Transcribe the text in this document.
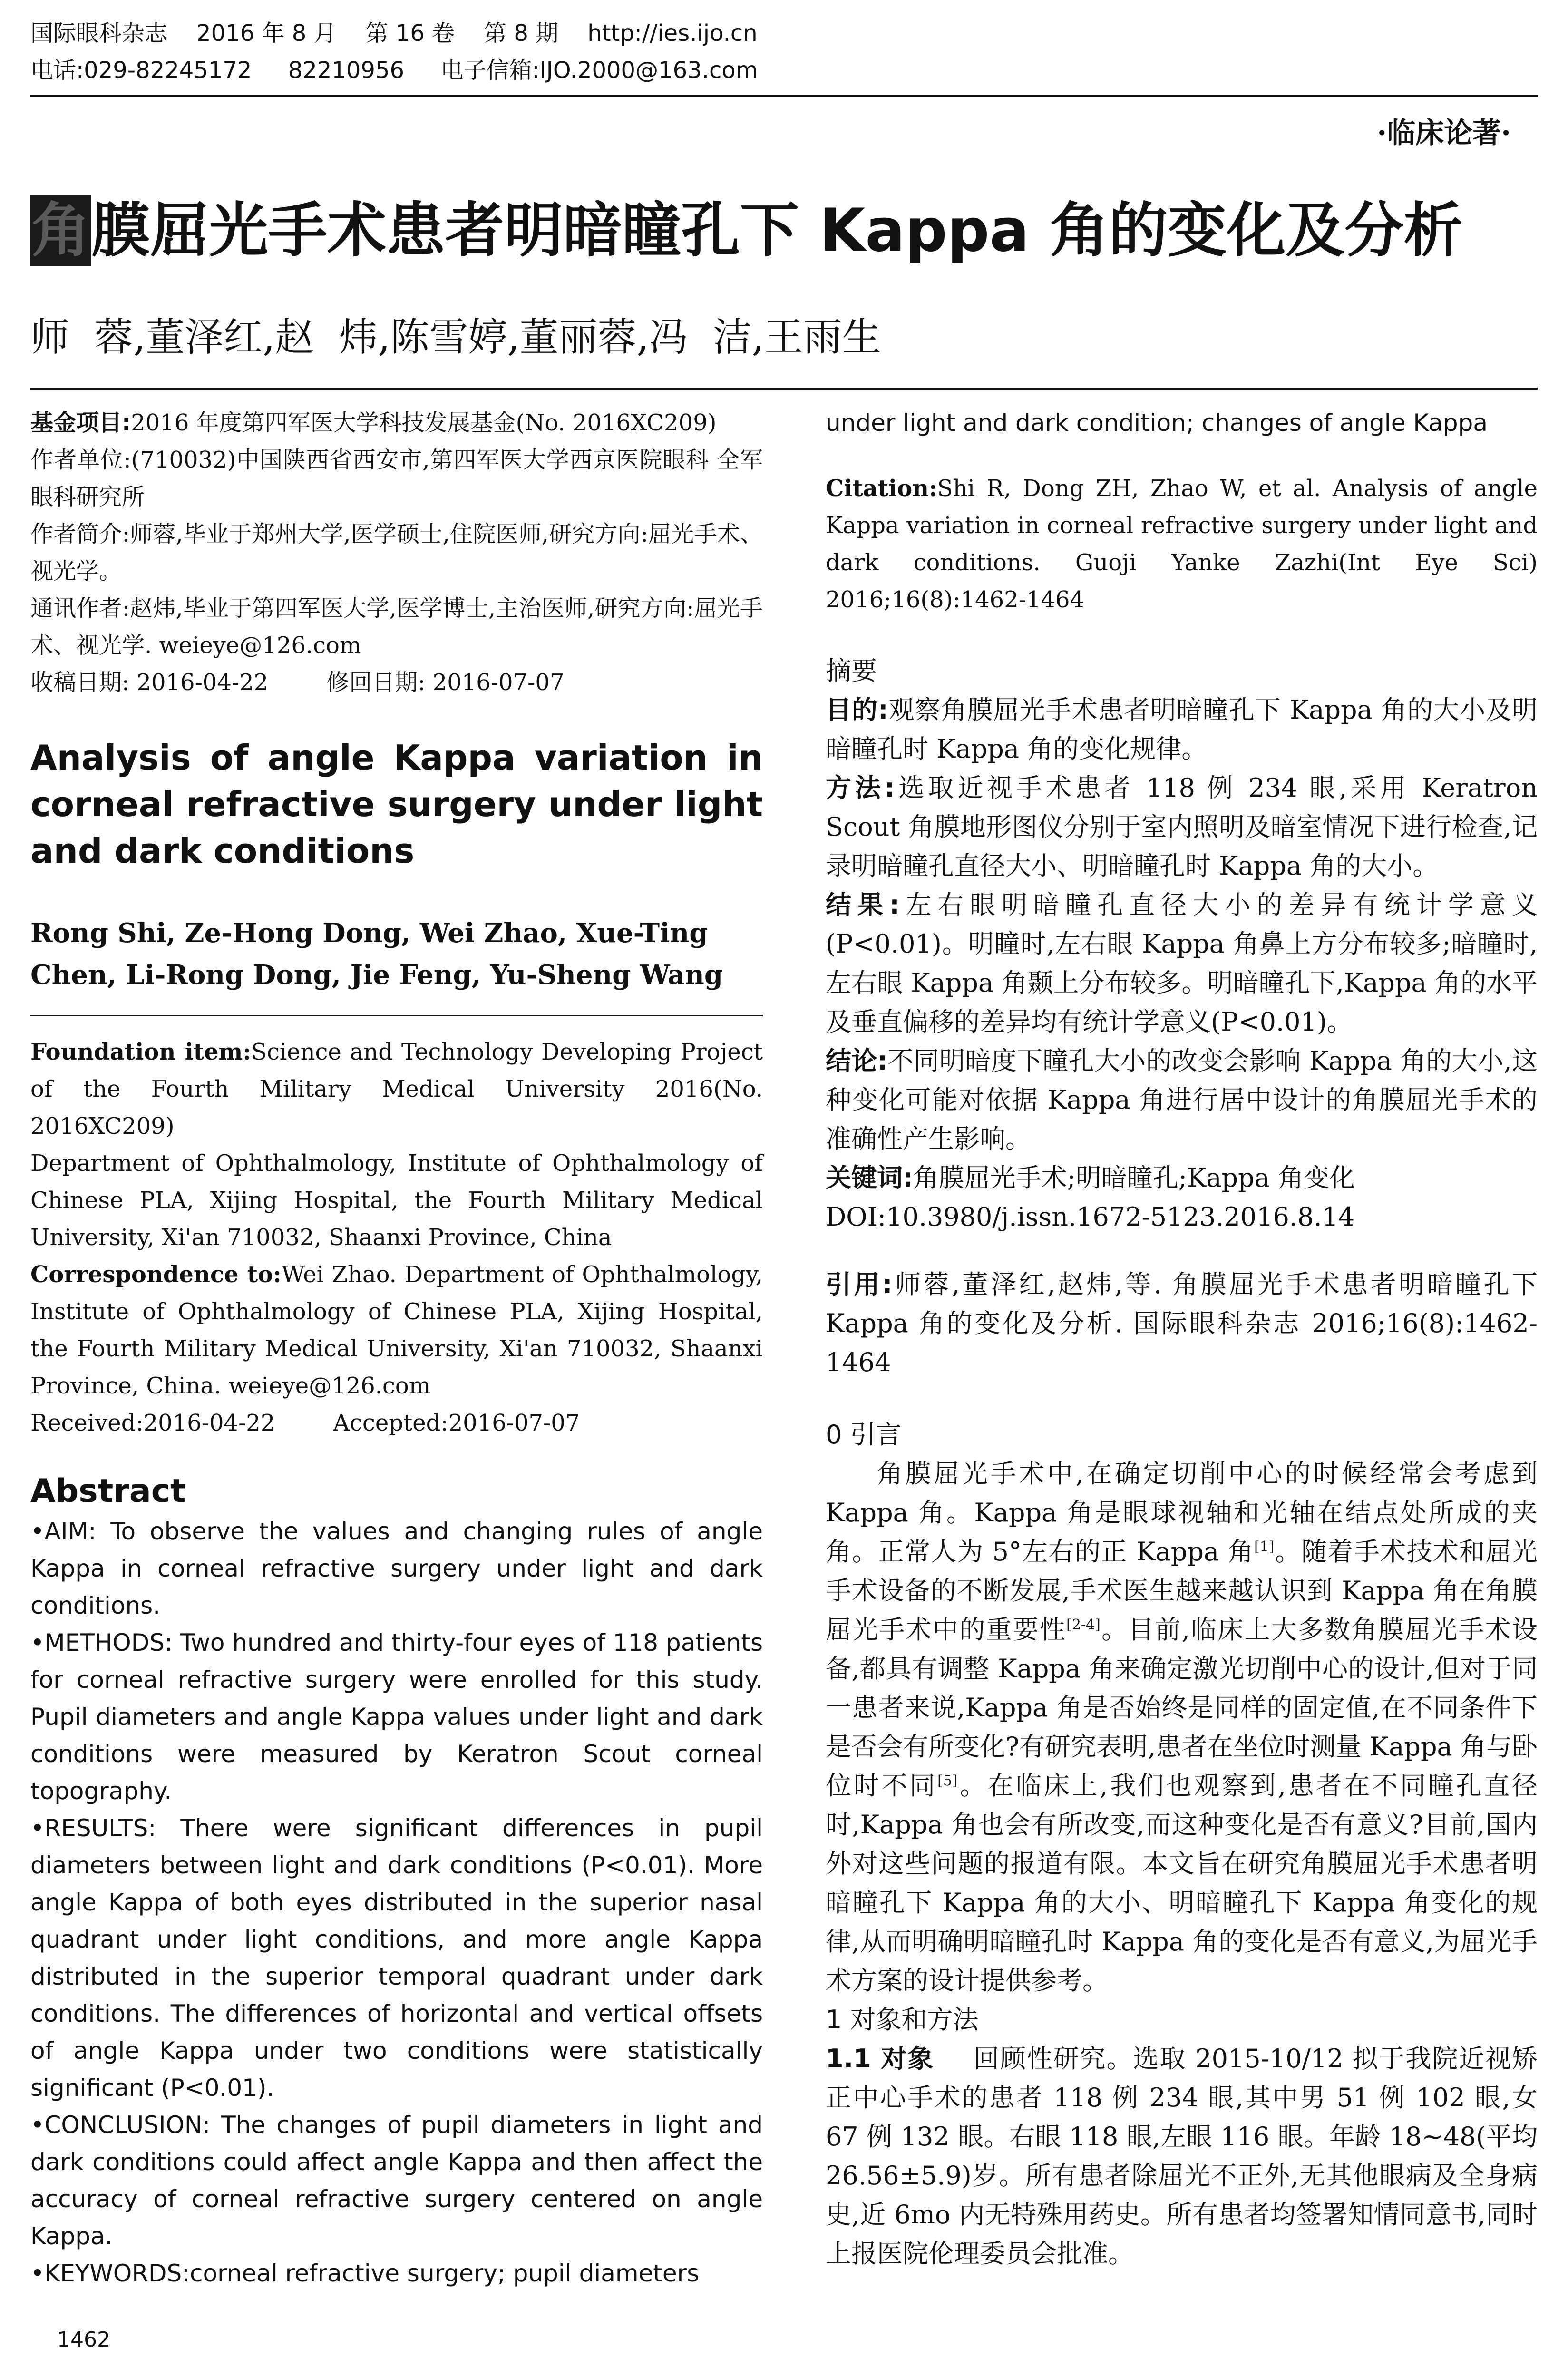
国际眼科杂志 2016 年 8 月    第 16 卷    第 8 期 http://ies.ijo.cn
电话:029-82245172 82210956 电子信箱:IJO.2000@163.com
·临床论著·
角膜屈光手术患者明暗瞳孔下 Kappa 角的变化及分析
师  蓉,董泽红,赵  炜,陈雪婷,董丽蓉,冯  洁,王雨生

基金项目:2016 年度第四军医大学科技发展基金(No. 2016XC209)

作者单位:(710032)中国陕西省西安市,第四军医大学西京医院眼科 全军眼科研究所

作者简介:师蓉,毕业于郑州大学,医学硕士,住院医师,研究方向:屈光手术、视光学。

通讯作者:赵炜,毕业于第四军医大学,医学博士,主治医师,研究方向:屈光手术、视光学. weieye@126.com

收稿日期: 2016-04-22        修回日期: 2016-07-07

Analysis of angle Kappa variation in corneal refractive surgery under light and dark conditions

Rong Shi, Ze-Hong Dong, Wei Zhao, Xue-Ting Chen, Li-Rong Dong, Jie Feng, Yu-Sheng Wang

Foundation item:Science and Technology Developing Project of the Fourth Military Medical University 2016(No. 2016XC209)

Department of Ophthalmology, Institute of Ophthalmology of Chinese PLA, Xijing Hospital, the Fourth Military Medical University, Xi'an 710032, Shaanxi Province, China

Correspondence to:Wei Zhao. Department of Ophthalmology, Institute of Ophthalmology of Chinese PLA, Xijing Hospital, the Fourth Military Medical University, Xi'an 710032, Shaanxi Province, China. weieye@126.com

Received:2016-04-22        Accepted:2016-07-07

Abstract

•AIM: To observe the values and changing rules of angle Kappa in corneal refractive surgery under light and dark conditions.

•METHODS: Two hundred and thirty-four eyes of 118 patients for corneal refractive surgery were enrolled for this study. Pupil diameters and angle Kappa values under light and dark conditions were measured by Keratron Scout corneal topography.

•RESULTS: There were significant differences in pupil diameters between light and dark conditions (P<0.01). More angle Kappa of both eyes distributed in the superior nasal quadrant under light conditions, and more angle Kappa distributed in the superior temporal quadrant under dark conditions. The differences of horizontal and vertical offsets of angle Kappa under two conditions were statistically significant (P<0.01).

•CONCLUSION: The changes of pupil diameters in light and dark conditions could affect angle Kappa and then affect the accuracy of corneal refractive surgery centered on angle Kappa.

•KEYWORDS:corneal refractive surgery; pupil diameters

under light and dark condition; changes of angle Kappa

Citation:Shi R, Dong ZH, Zhao W, et al. Analysis of angle Kappa variation in corneal refractive surgery under light and dark conditions. Guoji Yanke Zazhi(Int Eye Sci) 2016;16(8):1462-1464

摘要

目的:观察角膜屈光手术患者明暗瞳孔下 Kappa 角的大小及明暗瞳孔时 Kappa 角的变化规律。

方法:选取近视手术患者 118 例 234 眼,采用 Keratron Scout 角膜地形图仪分别于室内照明及暗室情况下进行检查,记录明暗瞳孔直径大小、明暗瞳孔时 Kappa 角的大小。

结果:左右眼明暗瞳孔直径大小的差异有统计学意义(P<0.01)。明瞳时,左右眼 Kappa 角鼻上方分布较多;暗瞳时,左右眼 Kappa 角颞上分布较多。明暗瞳孔下,Kappa 角的水平及垂直偏移的差异均有统计学意义(P<0.01)。

结论:不同明暗度下瞳孔大小的改变会影响 Kappa 角的大小,这种变化可能对依据 Kappa 角进行居中设计的角膜屈光手术的准确性产生影响。

关键词:角膜屈光手术;明暗瞳孔;Kappa 角变化

DOI:10.3980/j.issn.1672-5123.2016.8.14

引用:师蓉,董泽红,赵炜,等. 角膜屈光手术患者明暗瞳孔下 Kappa 角的变化及分析. 国际眼科杂志 2016;16(8):1462-1464

0 引言

角膜屈光手术中,在确定切削中心的时候经常会考虑到 Kappa 角。Kappa 角是眼球视轴和光轴在结点处所成的夹角。正常人为 5°左右的正 Kappa 角[1]。随着手术技术和屈光手术设备的不断发展,手术医生越来越认识到 Kappa 角在角膜屈光手术中的重要性[2-4]。目前,临床上大多数角膜屈光手术设备,都具有调整 Kappa 角来确定激光切削中心的设计,但对于同一患者来说,Kappa 角是否始终是同样的固定值,在不同条件下是否会有所变化?有研究表明,患者在坐位时测量 Kappa 角与卧位时不同[5]。在临床上,我们也观察到,患者在不同瞳孔直径时,Kappa 角也会有所改变,而这种变化是否有意义?目前,国内外对这些问题的报道有限。本文旨在研究角膜屈光手术患者明暗瞳孔下 Kappa 角的大小、明暗瞳孔下 Kappa 角变化的规律,从而明确明暗瞳孔时 Kappa 角的变化是否有意义,为屈光手术方案的设计提供参考。

1 对象和方法

1.1 对象   回顾性研究。选取 2015-10/12 拟于我院近视矫正中心手术的患者 118 例 234 眼,其中男 51 例 102 眼,女 67 例 132 眼。右眼 118 眼,左眼 116 眼。年龄 18~48(平均 26.56±5.9)岁。所有患者除屈光不正外,无其他眼病及全身病史,近 6mo 内无特殊用药史。所有患者均签署知情同意书,同时上报医院伦理委员会批准。

1462
